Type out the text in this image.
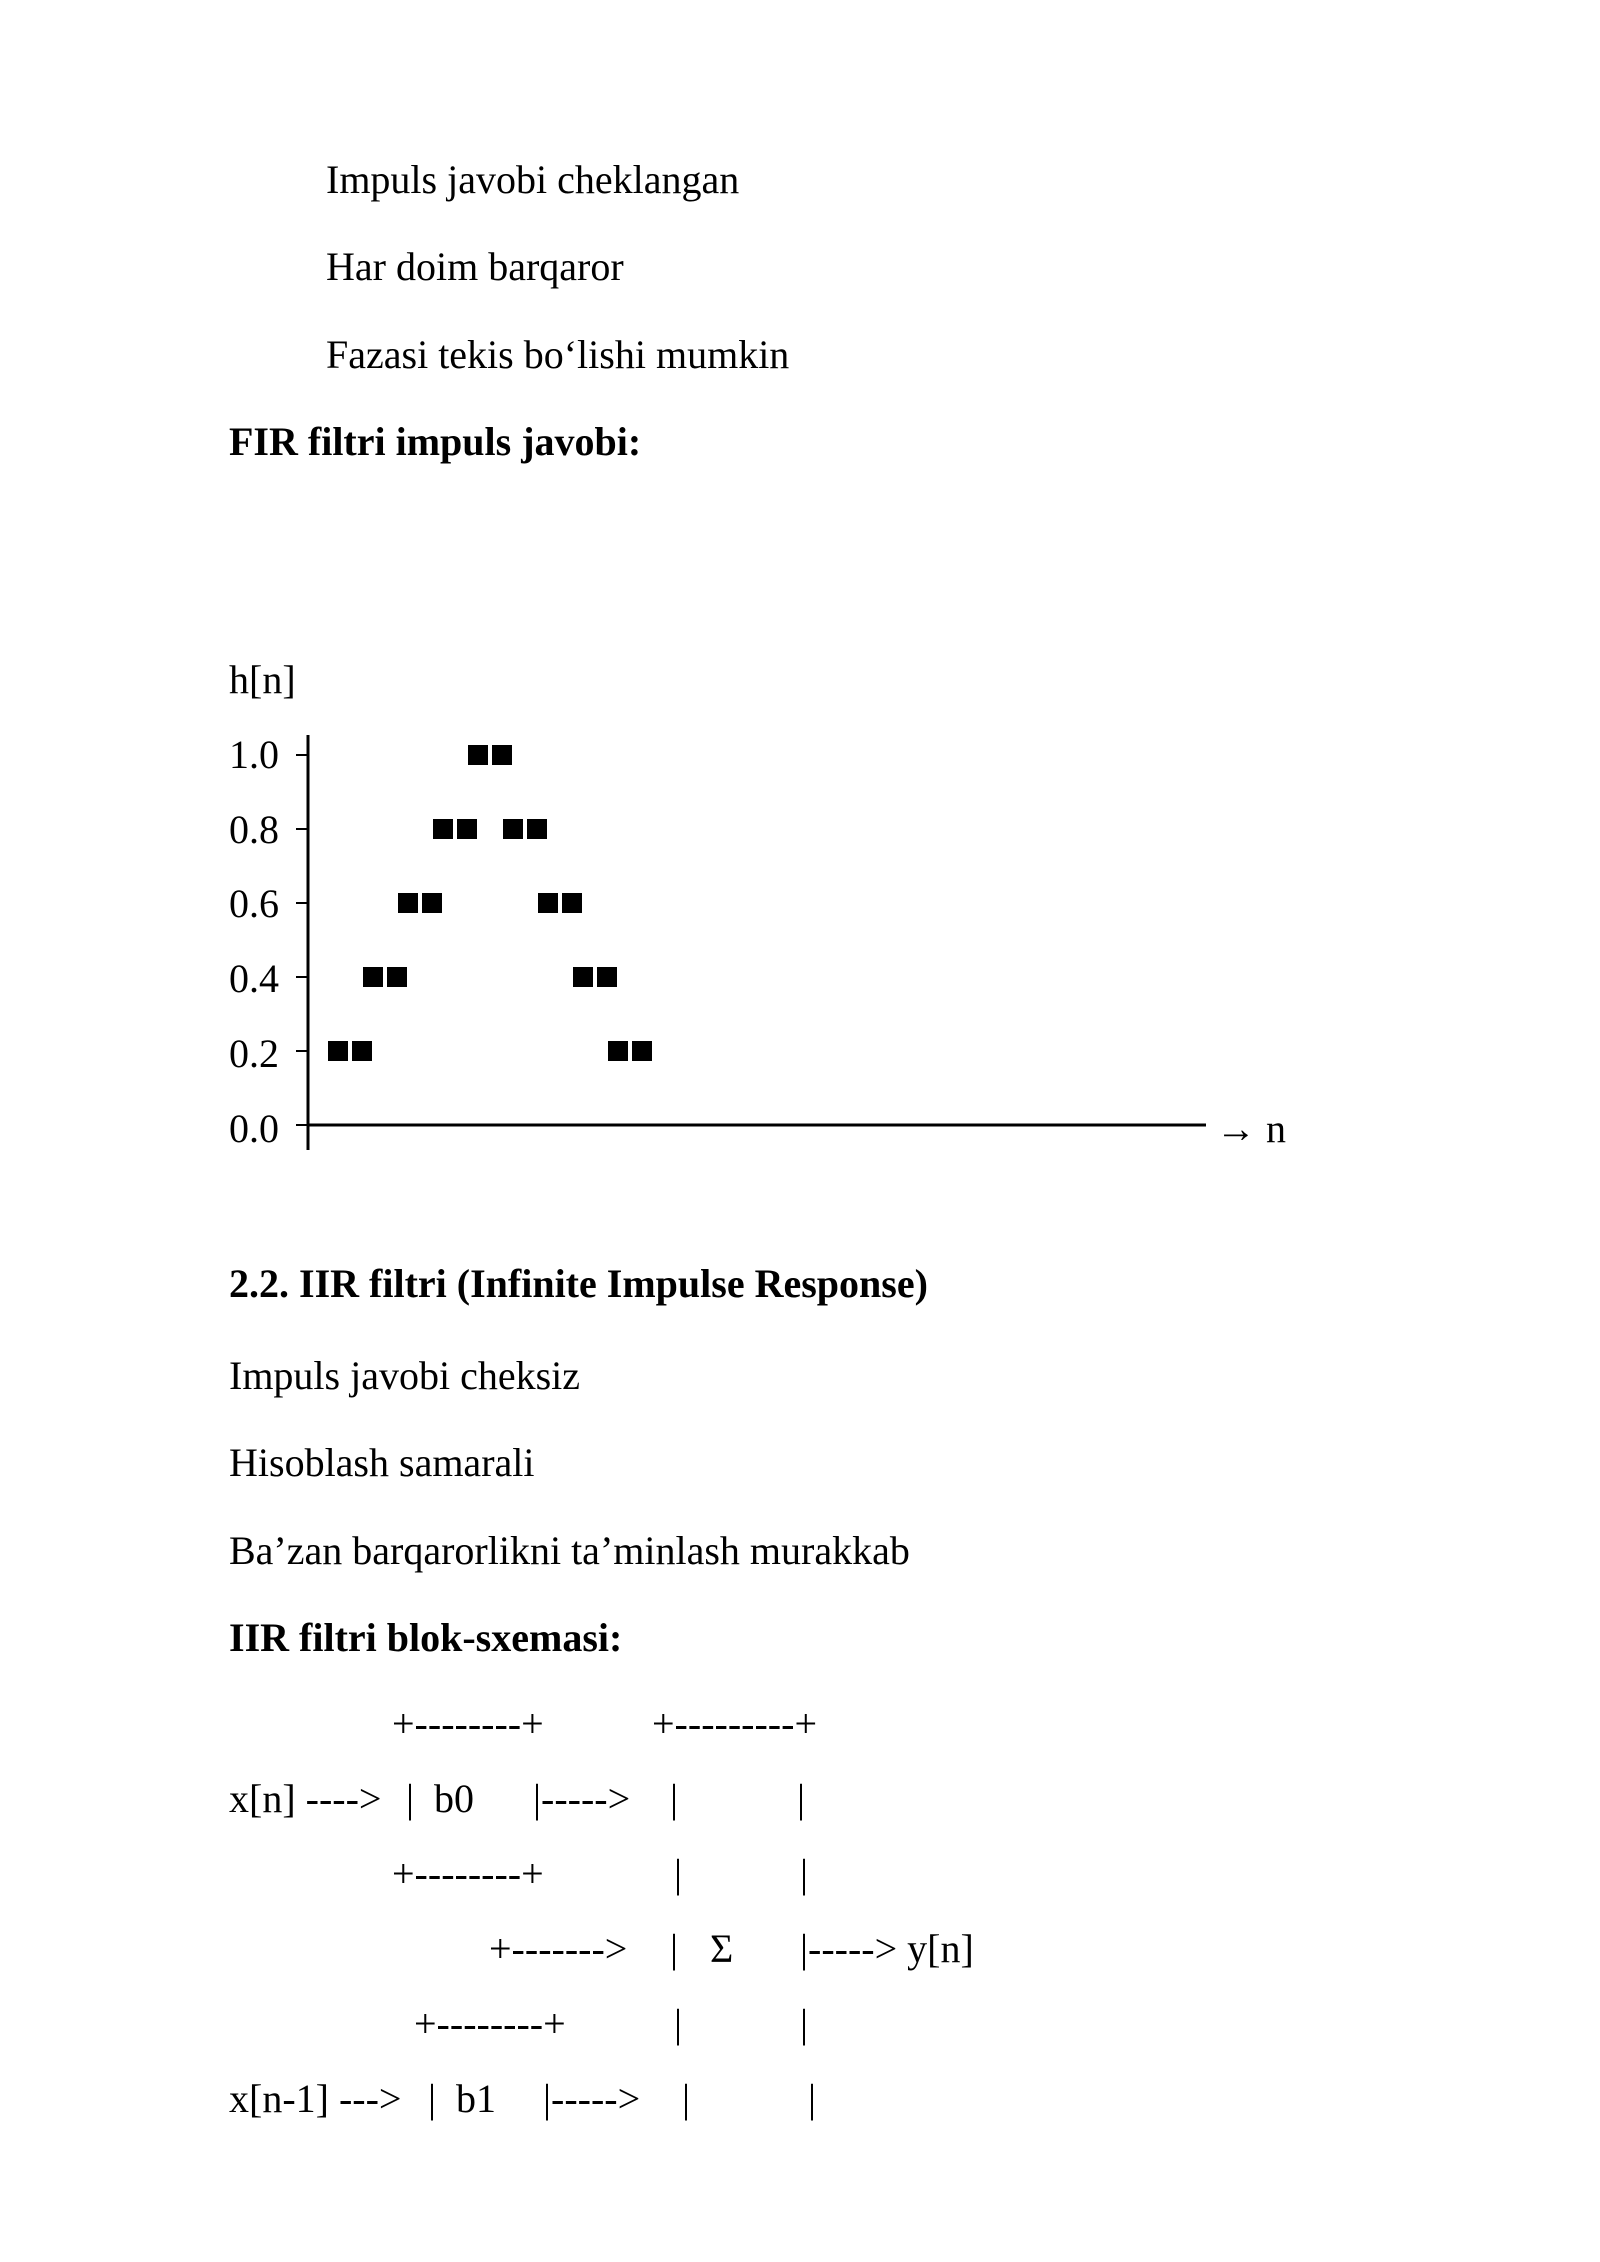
Impuls javobi cheklangan

Har doim barqaror

Fazasi tekis bo‘lishi mumkin

FIR filtri impuls javobi:

h[n]
1.0
0.8
0.6
0.4
0.2
0.0	→ n

2.2. IIR filtri (Infinite Impulse Response)

Impuls javobi cheksiz

Hisoblash samarali

Ba’zan barqarorlikni ta’minlash murakkab

IIR filtri blok-sxemasi:

+--------+	+---------+
x[n] ----> | b0 |-----> |	|
+--------+	|	|
+-------> | Σ |-----> y[n]
+--------+	|	|
x[n-1] ---> | b1 |-----> |	|
